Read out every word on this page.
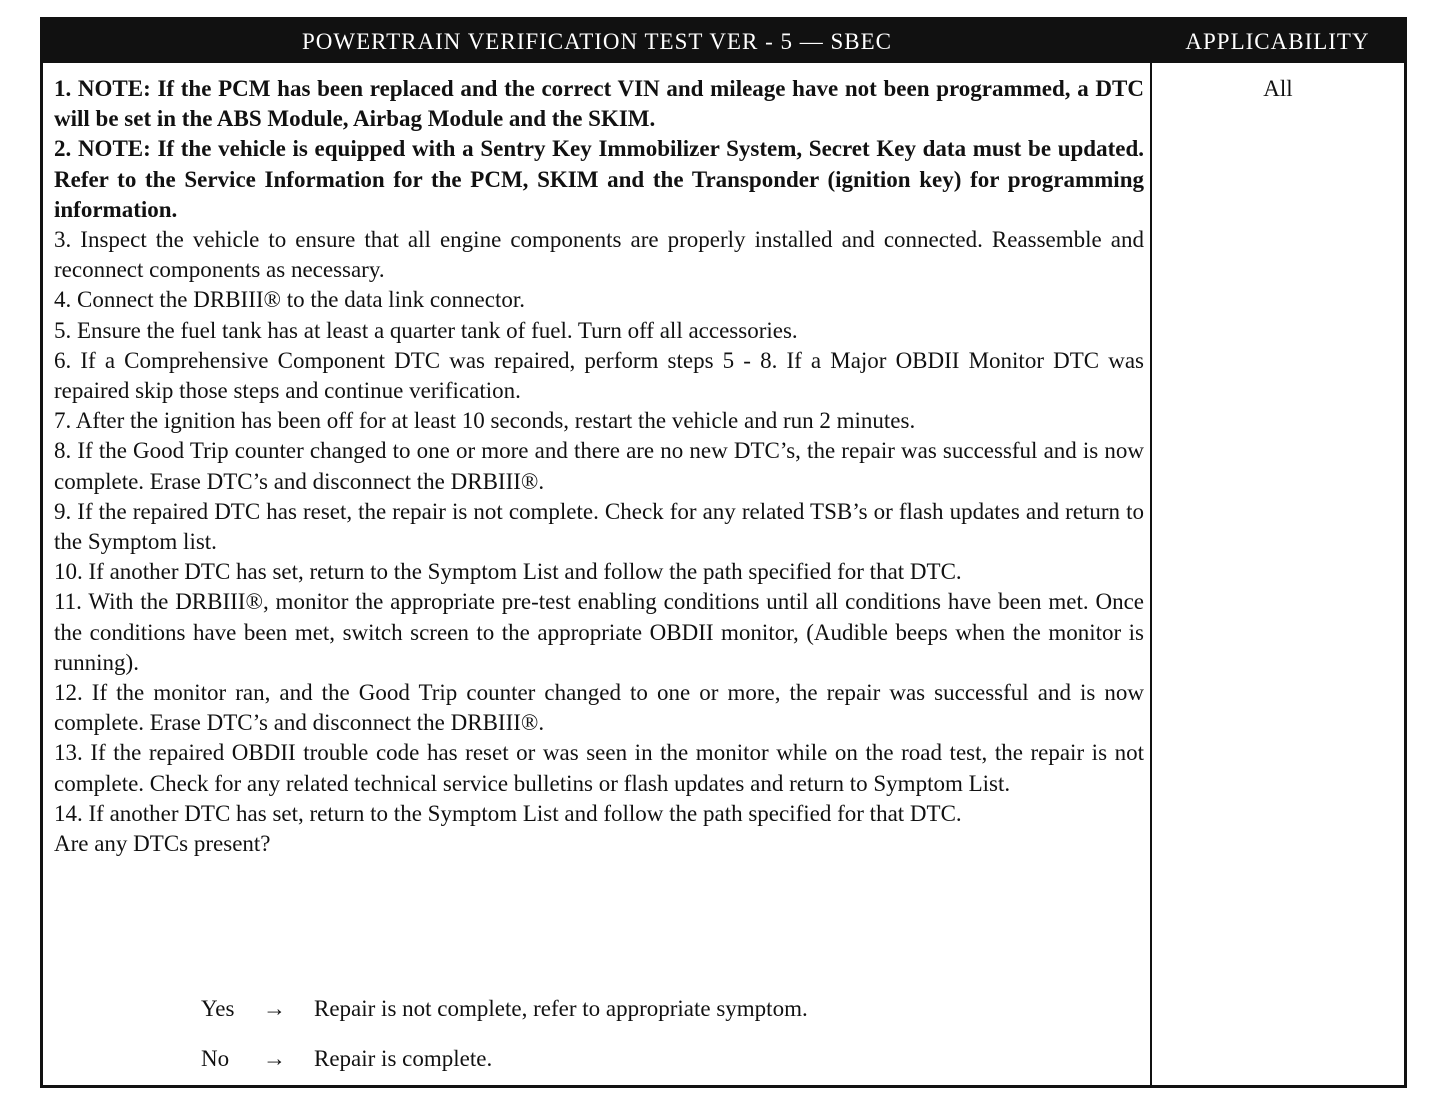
POWERTRAIN VERIFICATION TEST VER - 5 — SBEC	APPLICABILITY

1. NOTE: If the PCM has been replaced and the correct VIN and mileage have not been programmed, a DTC will be set in the ABS Module, Airbag Module and the SKIM.

2. NOTE: If the vehicle is equipped with a Sentry Key Immobilizer System, Secret Key data must be updated. Refer to the Service Information for the PCM, SKIM and the Transponder (ignition key) for programming information.

3. Inspect the vehicle to ensure that all engine components are properly installed and connected. Reassemble and reconnect components as necessary.

4. Connect the DRBIII® to the data link connector.

5. Ensure the fuel tank has at least a quarter tank of fuel. Turn off all accessories.

6. If a Comprehensive Component DTC was repaired, perform steps 5 - 8. If a Major OBDII Monitor DTC was repaired skip those steps and continue verification.

7. After the ignition has been off for at least 10 seconds, restart the vehicle and run 2 minutes.

8. If the Good Trip counter changed to one or more and there are no new DTC’s, the repair was successful and is now complete. Erase DTC’s and disconnect the DRBIII®.

9. If the repaired DTC has reset, the repair is not complete. Check for any related TSB’s or flash updates and return to the Symptom list.

10. If another DTC has set, return to the Symptom List and follow the path specified for that DTC.

11. With the DRBIII®, monitor the appropriate pre-test enabling conditions until all conditions have been met. Once the conditions have been met, switch screen to the appropriate OBDII monitor, (Audible beeps when the monitor is running).

12. If the monitor ran, and the Good Trip counter changed to one or more, the repair was successful and is now complete. Erase DTC’s and disconnect the DRBIII®.

13. If the repaired OBDII trouble code has reset or was seen in the monitor while on the road test, the repair is not complete. Check for any related technical service bulletins or flash updates and return to Symptom List.

14. If another DTC has set, return to the Symptom List and follow the path specified for that DTC.

Are any DTCs present?

Yes → Repair is not complete, refer to appropriate symptom.
No → Repair is complete.
All
